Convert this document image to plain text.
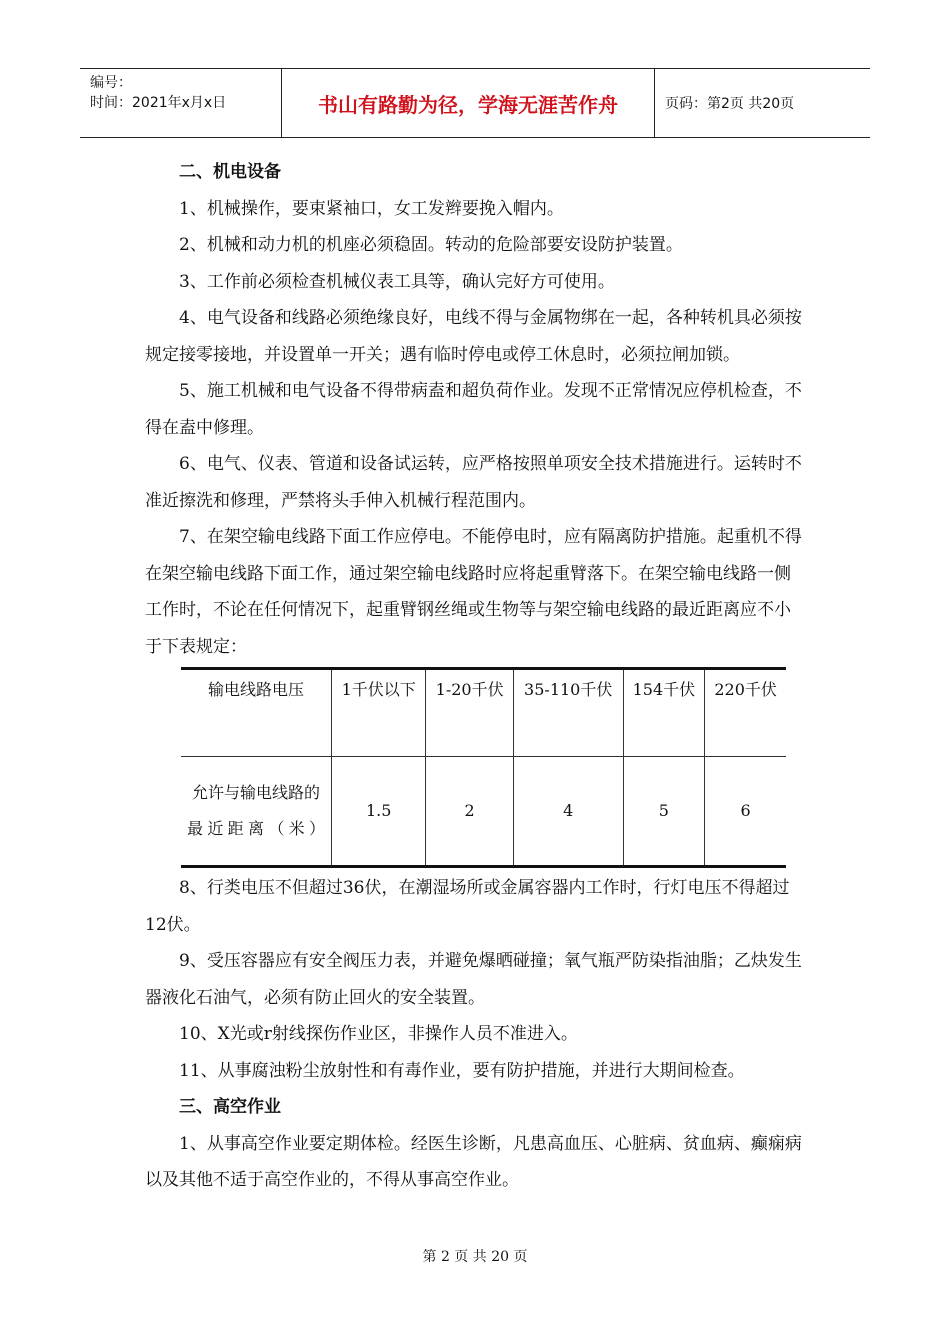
编号：
时间：2021年x月x日	书山有路勤为径，学海无涯苦作舟	页码：第2页 共20页
二、机电设备

1、机械操作，要束紧袖口，女工发辫要挽入帽内。

2、机械和动力机的机座必须稳固。转动的危险部要安设防护装置。

3、工作前必须检查机械仪表工具等，确认完好方可使用。

4、电气设备和线路必须绝缘良好，电线不得与金属物绑在一起，各种转机具必须按规定接零接地，并设置单一开关；遇有临时停电或停工休息时，必须拉闸加锁。

5、施工机械和电气设备不得带病盍和超负荷作业。发现不正常情况应停机检查，不得在盍中修理。

6、电气、仪表、管道和设备试运转，应严格按照单项安全技术措施进行。运转时不准近擦洗和修理，严禁将头手伸入机械行程范围内。

7、在架空输电线路下面工作应停电。不能停电时，应有隔离防护措施。起重机不得在架空输电线路下面工作，通过架空输电线路时应将起重臂落下。在架空输电线路一侧工作时，不论在任何情况下，起重臂钢丝绳或生物等与架空输电线路的最近距离应不小于下表规定：

输电线路电压	1千伏以下	1-20千伏	35-110千伏	154千伏	220千伏
允许与输电线路的最近距离（米）	1.5	2	4	5	6

8、行类电压不但超过36伏，在潮湿场所或金属容器内工作时，行灯电压不得超过12伏。

9、受压容器应有安全阀压力表，并避免爆晒碰撞；氧气瓶严防染指油脂；乙炔发生器液化石油气，必须有防止回火的安全装置。

10、X光或r射线探伤作业区，非操作人员不准进入。

11、从事腐浊粉尘放射性和有毒作业，要有防护措施，并进行大期间检查。

三、高空作业

1、从事高空作业要定期体检。经医生诊断，凡患高血压、心脏病、贫血病、癫痫病以及其他不适于高空作业的，不得从事高空作业。

第 2 页 共 20 页
